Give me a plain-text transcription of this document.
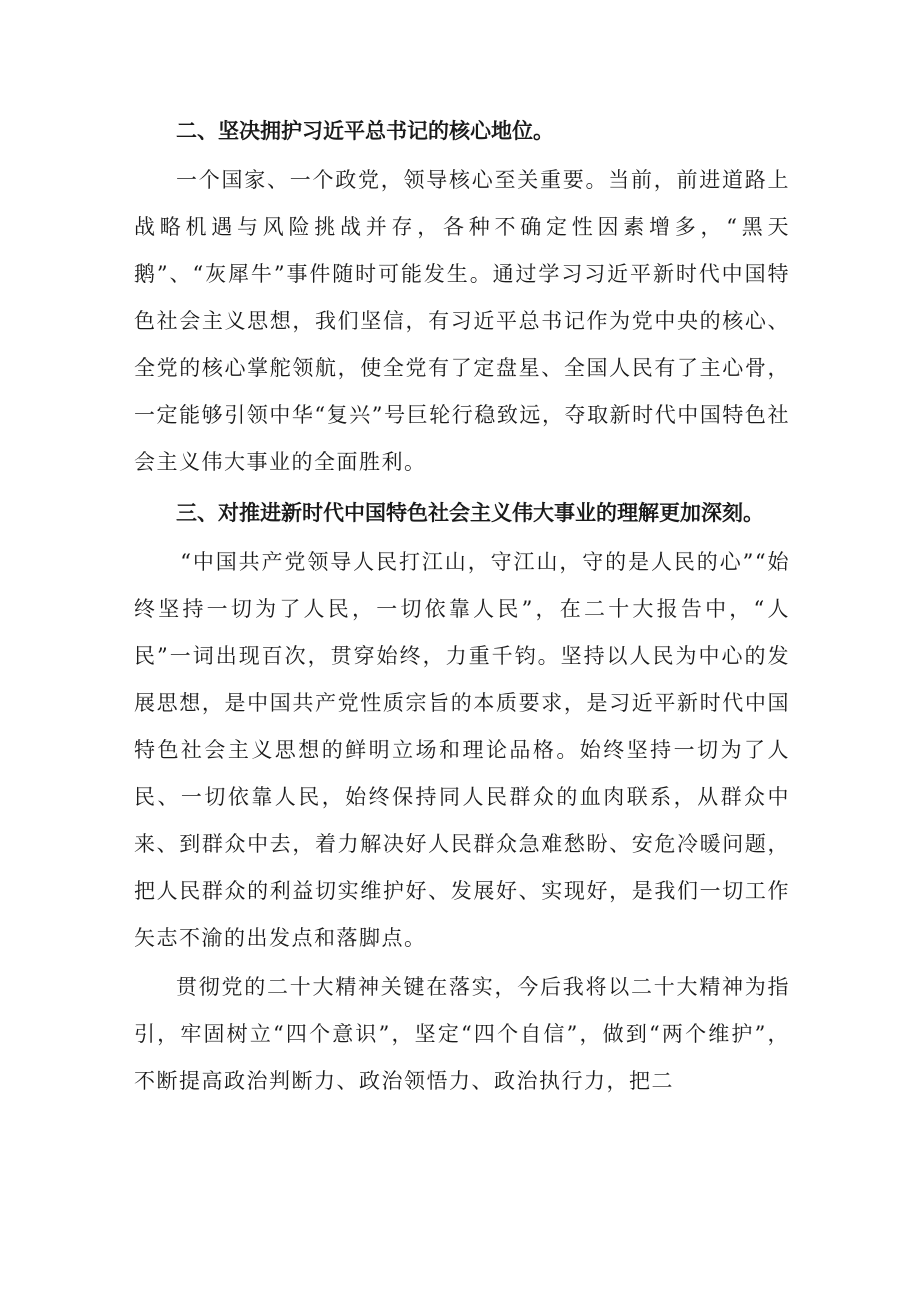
二、坚决拥护习近平总书记的核心地位。

一个国家、一个政党，领导核心至关重要。当前，前进道路上战略机遇与风险挑战并存，各种不确定性因素增多，“黑天鹅”、“灰犀牛”事件随时可能发生。通过学习习近平新时代中国特色社会主义思想，我们坚信，有习近平总书记作为党中央的核心、全党的核心掌舵领航，使全党有了定盘星、全国人民有了主心骨，一定能够引领中华“复兴”号巨轮行稳致远，夺取新时代中国特色社会主义伟大事业的全面胜利。

三、对推进新时代中国特色社会主义伟大事业的理解更加深刻。

“中国共产党领导人民打江山，守江山，守的是人民的心”“始终坚持一切为了人民，一切依靠人民”，在二十大报告中，“人民”一词出现百次，贯穿始终，力重千钧。坚持以人民为中心的发展思想，是中国共产党性质宗旨的本质要求，是习近平新时代中国特色社会主义思想的鲜明立场和理论品格。始终坚持一切为了人民、一切依靠人民，始终保持同人民群众的血肉联系，从群众中来、到群众中去，着力解决好人民群众急难愁盼、安危冷暖问题，把人民群众的利益切实维护好、发展好、实现好，是我们一切工作矢志不渝的出发点和落脚点。

贯彻党的二十大精神关键在落实，今后我将以二十大精神为指引，牢固树立“四个意识”，坚定“四个自信”，做到“两个维护”，不断提高政治判断力、政治领悟力、政治执行力，把二
